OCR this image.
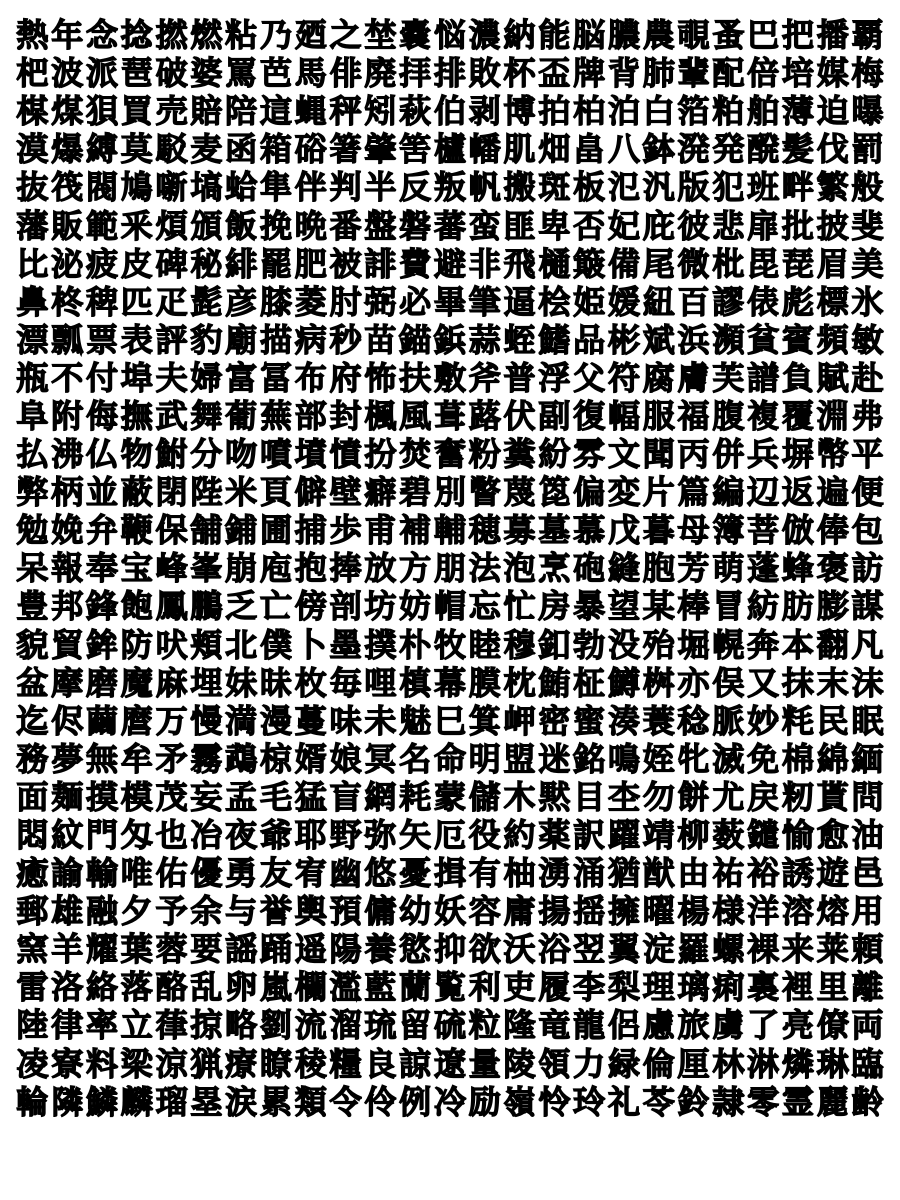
熱 年 念 捻 撚 燃 粘 乃 廼 之 埜 嚢 悩 濃 納 能 脳 膿 農 覗 蚤 巴 把 播 覇
杷 波 派 琶 破 婆 罵 芭 馬 俳 廃 拝 排 敗 杯 盃 牌 背 肺 輩 配 倍 培 媒 梅
楳 煤 狽 買 売 賠 陪 這 蝿 秤 矧 萩 伯 剥 博 拍 柏 泊 白 箔 粕 舶 薄 迫 曝
漠 爆 縛 莫 駁 麦 函 箱 硲 箸 肇 筈 櫨 幡 肌 畑 畠 八 鉢 溌 発 醗 髪 伐 罰
抜 筏 閥 鳩 噺 塙 蛤 隼 伴 判 半 反 叛 帆 搬 斑 板 氾 汎 版 犯 班 畔 繁 般
藩 販 範 釆 煩 頒 飯 挽 晩 番 盤 磐 蕃 蛮 匪 卑 否 妃 庇 彼 悲 扉 批 披 斐
比 泌 疲 皮 碑 秘 緋 罷 肥 被 誹 費 避 非 飛 樋 簸 備 尾 微 枇 毘 琵 眉 美
鼻 柊 稗 匹 疋 髭 彦 膝 菱 肘 弼 必 畢 筆 逼 桧 姫 媛 紐 百 謬 俵 彪 標 氷
漂 瓢 票 表 評 豹 廟 描 病 秒 苗 錨 鋲 蒜 蛭 鰭 品 彬 斌 浜 瀕 貧 賓 頻 敏
瓶 不 付 埠 夫 婦 富 冨 布 府 怖 扶 敷 斧 普 浮 父 符 腐 膚 芙 譜 負 賦 赴
阜 附 侮 撫 武 舞 葡 蕪 部 封 楓 風 葺 蕗 伏 副 復 幅 服 福 腹 複 覆 淵 弗
払 沸 仏 物 鮒 分 吻 噴 墳 憤 扮 焚 奮 粉 糞 紛 雰 文 聞 丙 併 兵 塀 幣 平
弊 柄 並 蔽 閉 陛 米 頁 僻 壁 癖 碧 別 瞥 蔑 箆 偏 変 片 篇 編 辺 返 遍 便
勉 娩 弁 鞭 保 舗 鋪 圃 捕 歩 甫 補 輔 穂 募 墓 慕 戊 暮 母 簿 菩 倣 俸 包
呆 報 奉 宝 峰 峯 崩 庖 抱 捧 放 方 朋 法 泡 烹 砲 縫 胞 芳 萌 蓬 蜂 褒 訪
豊 邦 鋒 飽 鳳 鵬 乏 亡 傍 剖 坊 妨 帽 忘 忙 房 暴 望 某 棒 冒 紡 肪 膨 謀
貌 貿 鉾 防 吠 頬 北 僕 卜 墨 撲 朴 牧 睦 穆 釦 勃 没 殆 堀 幌 奔 本 翻 凡
盆 摩 磨 魔 麻 埋 妹 昧 枚 毎 哩 槙 幕 膜 枕 鮪 柾 鱒 桝 亦 俣 又 抹 末 沫
迄 侭 繭 麿 万 慢 満 漫 蔓 味 未 魅 巳 箕 岬 密 蜜 湊 蓑 稔 脈 妙 粍 民 眠
務 夢 無 牟 矛 霧 鵡 椋 婿 娘 冥 名 命 明 盟 迷 銘 鳴 姪 牝 滅 免 棉 綿 緬
面 麺 摸 模 茂 妄 孟 毛 猛 盲 網 耗 蒙 儲 木 黙 目 杢 勿 餅 尤 戻 籾 貰 問
悶 紋 門 匁 也 冶 夜 爺 耶 野 弥 矢 厄 役 約 薬 訳 躍 靖 柳 薮 鑓 愉 愈 油
癒 諭 輸 唯 佑 優 勇 友 宥 幽 悠 憂 揖 有 柚 湧 涌 猶 猷 由 祐 裕 誘 遊 邑
郵 雄 融 夕 予 余 与 誉 輿 預 傭 幼 妖 容 庸 揚 揺 擁 曜 楊 様 洋 溶 熔 用
窯 羊 耀 葉 蓉 要 謡 踊 遥 陽 養 慾 抑 欲 沃 浴 翌 翼 淀 羅 螺 裸 来 莱 頼
雷 洛 絡 落 酪 乱 卵 嵐 欄 濫 藍 蘭 覧 利 吏 履 李 梨 理 璃 痢 裏 裡 里 離
陸 律 率 立 葎 掠 略 劉 流 溜 琉 留 硫 粒 隆 竜 龍 侶 慮 旅 虜 了 亮 僚 両
凌 寮 料 梁 涼 猟 療 瞭 稜 糧 良 諒 遼 量 陵 領 力 緑 倫 厘 林 淋 燐 琳 臨
輪 隣 鱗 麟 瑠 塁 涙 累 類 令 伶 例 冷 励 嶺 怜 玲 礼 苓 鈴 隷 零 霊 麗 齢
